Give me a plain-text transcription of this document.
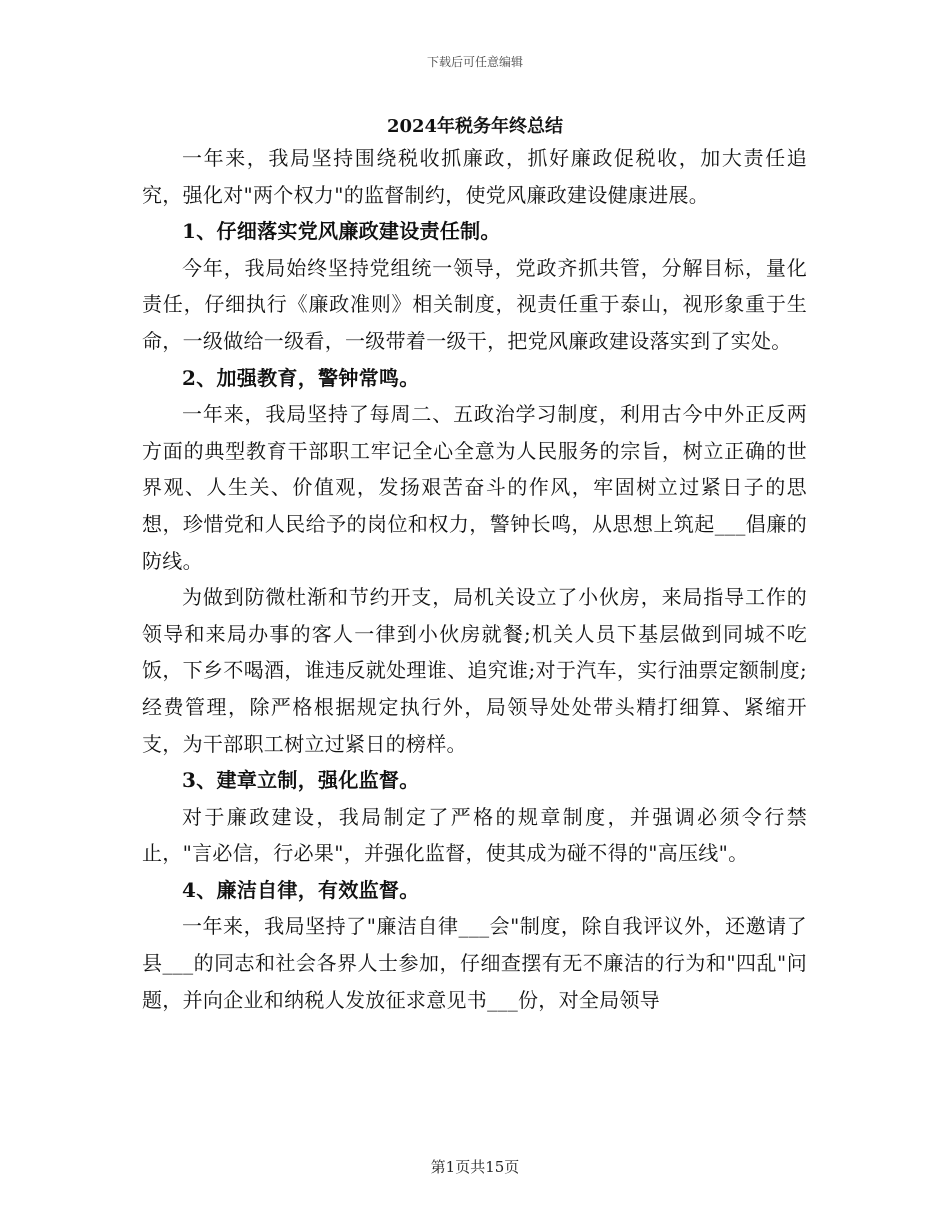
下载后可任意编辑
2024年税务年终总结

一年来，我局坚持围绕税收抓廉政，抓好廉政促税收，加大责任追究，强化对"两个权力"的监督制约，使党风廉政建设健康进展。

1、仔细落实党风廉政建设责任制。

今年，我局始终坚持党组统一领导，党政齐抓共管，分解目标，量化责任，仔细执行《廉政准则》相关制度，视责任重于泰山，视形象重于生命，一级做给一级看，一级带着一级干，把党风廉政建设落实到了实处。

2、加强教育，警钟常鸣。

一年来，我局坚持了每周二、五政治学习制度，利用古今中外正反两方面的典型教育干部职工牢记全心全意为人民服务的宗旨，树立正确的世界观、人生关、价值观，发扬艰苦奋斗的作风，牢固树立过紧日子的思想，珍惜党和人民给予的岗位和权力，警钟长鸣，从思想上筑起___倡廉的防线。

为做到防微杜渐和节约开支，局机关设立了小伙房，来局指导工作的领导和来局办事的客人一律到小伙房就餐;机关人员下基层做到同城不吃饭，下乡不喝酒，谁违反就处理谁、追究谁;对于汽车，实行油票定额制度;经费管理，除严格根据规定执行外，局领导处处带头精打细算、紧缩开支，为干部职工树立过紧日的榜样。

3、建章立制，强化监督。

对于廉政建设，我局制定了严格的规章制度，并强调必须令行禁止，"言必信，行必果"，并强化监督，使其成为碰不得的"高压线"。

4、廉洁自律，有效监督。

一年来，我局坚持了"廉洁自律___会"制度，除自我评议外，还邀请了县___的同志和社会各界人士参加，仔细查摆有无不廉洁的行为和"四乱"问题，并向企业和纳税人发放征求意见书___份，对全局领导

第1页共15页
